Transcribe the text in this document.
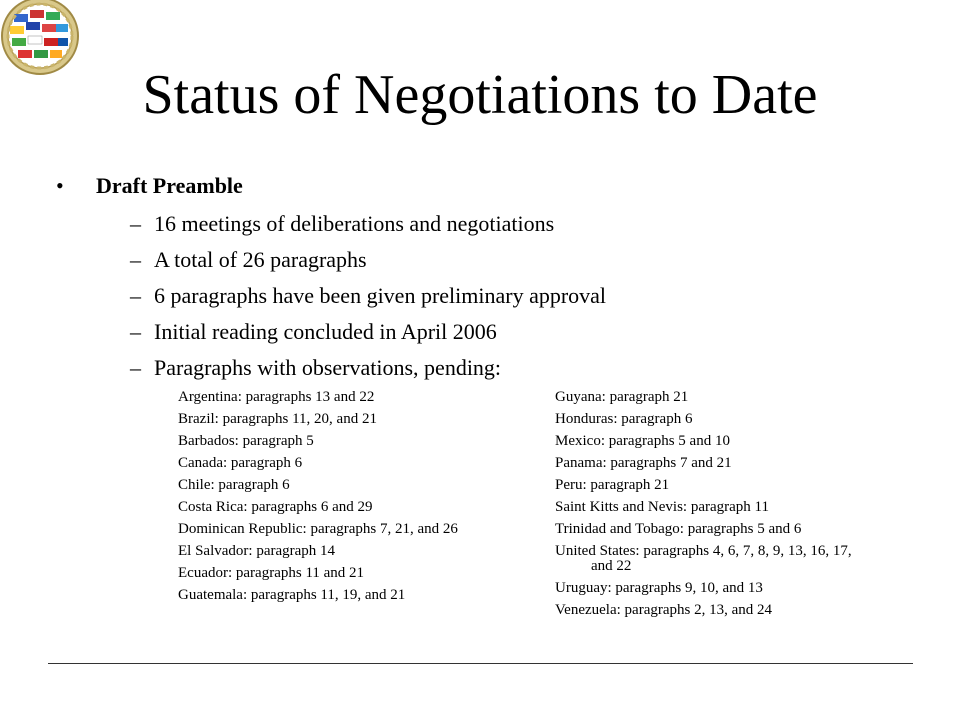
Status of Negotiations to Date
• Draft Preamble
– 16 meetings of deliberations and negotiations
– A total of 26 paragraphs
– 6 paragraphs have been given preliminary approval
– Initial reading concluded in April 2006
– Paragraphs with observations, pending:
Argentina: paragraphs 13 and 22
Brazil: paragraphs 11, 20, and 21
Barbados: paragraph 5
Canada: paragraph 6
Chile: paragraph 6
Costa Rica: paragraphs 6 and 29
Dominican Republic: paragraphs 7, 21, and 26
El Salvador: paragraph 14
Ecuador: paragraphs 11 and 21
Guatemala: paragraphs 11, 19, and 21
Guyana: paragraph 21
Honduras: paragraph 6
Mexico: paragraphs 5 and 10
Panama: paragraphs 7 and 21
Peru: paragraph 21
Saint Kitts and Nevis: paragraph 11
Trinidad and Tobago: paragraphs 5 and 6
United States: paragraphs 4, 6, 7, 8, 9, 13, 16, 17, and 22
Uruguay: paragraphs 9, 10, and 13
Venezuela: paragraphs 2, 13, and 24
